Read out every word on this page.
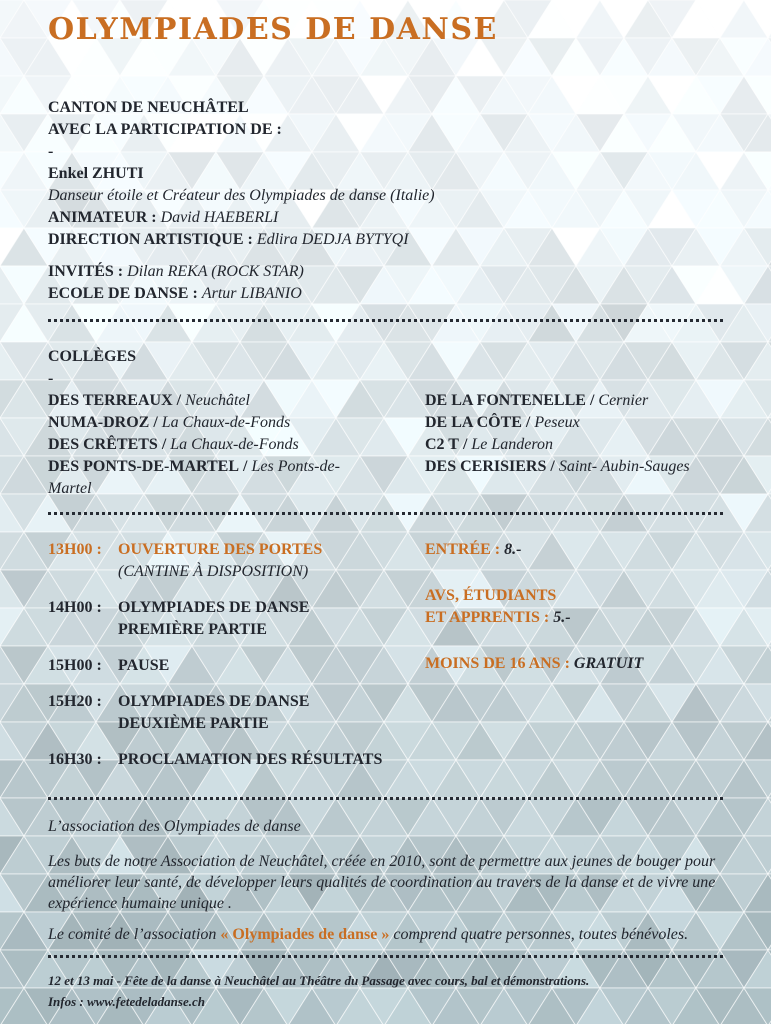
OLYMPIADES DE DANSE
CANTON DE NEUCHÂTEL
AVEC LA PARTICIPATION DE :
-
Enkel ZHUTI
Danseur étoile et Créateur des Olympiades de danse (Italie)
ANIMATEUR : David HAEBERLI
DIRECTION ARTISTIQUE : Edlira DEDJA BYTYQI
INVITÉS : Dilan REKA (ROCK STAR)
ECOLE DE DANSE : Artur LIBANIO
COLLÈGES
-
DES TERREAUX / Neuchâtel
NUMA-DROZ / La Chaux-de-Fonds
DES CRÊTETS / La Chaux-de-Fonds
DES PONTS-DE-MARTEL / Les Ponts-de-Martel
DE LA FONTENELLE / Cernier
DE LA CÔTE / Peseux
C2 T / Le Landeron
DES CERISIERS / Saint- Aubin-Sauges
13H00 :	OUVERTURE DES PORTES
(CANTINE À DISPOSITION)
14H00 :	OLYMPIADES DE DANSE
PREMIÈRE PARTIE
15H00 :	PAUSE
15H20 :	OLYMPIADES DE DANSE
DEUXIÈME PARTIE
16H30 :	PROCLAMATION DES RÉSULTATS
ENTRÉE : 8.-
AVS, ÉTUDIANTS
ET APPRENTIS : 5.-
MOINS DE 16 ANS : GRATUIT

L’association des Olympiades de danse

Les buts de notre Association de Neuchâtel, créée en 2010, sont de permettre aux jeunes de bouger pour améliorer leur santé, de développer leurs qualités de coordination au travers de la danse et de vivre une expérience humaine unique .

Le comité de l’association « Olympiades de danse » comprend quatre personnes, toutes bénévoles.

12 et 13 mai - Fête de la danse à Neuchâtel au Théâtre du Passage avec cours, bal et démonstrations.
Infos : www.fetedeladanse.ch
